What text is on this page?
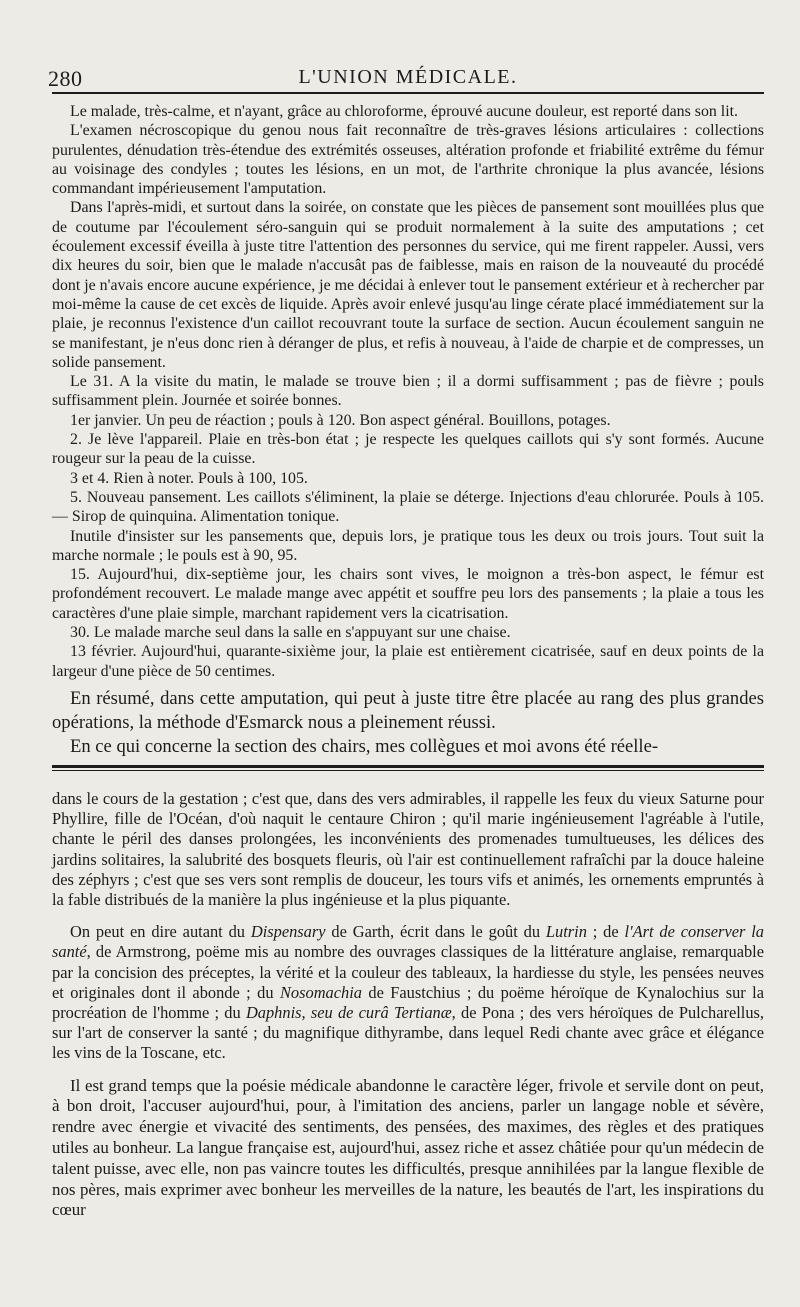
280	L'UNION MÉDICALE.

Le malade, très-calme, et n'ayant, grâce au chloroforme, éprouvé aucune douleur, est reporté dans son lit.

L'examen nécroscopique du genou nous fait reconnaître de très-graves lésions articulaires : collections purulentes, dénudation très-étendue des extrémités osseuses, altération profonde et friabilité extrême du fémur au voisinage des condyles ; toutes les lésions, en un mot, de l'arthrite chronique la plus avancée, lésions commandant impérieusement l'amputation.

Dans l'après-midi, et surtout dans la soirée, on constate que les pièces de pansement sont mouillées plus que de coutume par l'écoulement séro-sanguin qui se produit normalement à la suite des amputations ; cet écoulement excessif éveilla à juste titre l'attention des personnes du service, qui me firent rappeler. Aussi, vers dix heures du soir, bien que le malade n'accusât pas de faiblesse, mais en raison de la nouveauté du procédé dont je n'avais encore aucune expérience, je me décidai à enlever tout le pansement extérieur et à rechercher par moi-même la cause de cet excès de liquide. Après avoir enlevé jusqu'au linge cérate placé immédiatement sur la plaie, je reconnus l'existence d'un caillot recouvrant toute la surface de section. Aucun écoulement sanguin ne se manifestant, je n'eus donc rien à déranger de plus, et refis à nouveau, à l'aide de charpie et de compresses, un solide pansement.

Le 31. A la visite du matin, le malade se trouve bien ; il a dormi suffisamment ; pas de fièvre ; pouls suffisamment plein. Journée et soirée bonnes.

1er janvier. Un peu de réaction ; pouls à 120. Bon aspect général. Bouillons, potages.

2. Je lève l'appareil. Plaie en très-bon état ; je respecte les quelques caillots qui s'y sont formés. Aucune rougeur sur la peau de la cuisse.

3 et 4. Rien à noter. Pouls à 100, 105.

5. Nouveau pansement. Les caillots s'éliminent, la plaie se déterge. Injections d'eau chlorurée. Pouls à 105. — Sirop de quinquina. Alimentation tonique.

Inutile d'insister sur les pansements que, depuis lors, je pratique tous les deux ou trois jours. Tout suit la marche normale ; le pouls est à 90, 95.

15. Aujourd'hui, dix-septième jour, les chairs sont vives, le moignon a très-bon aspect, le fémur est profondément recouvert. Le malade mange avec appétit et souffre peu lors des pansements ; la plaie a tous les caractères d'une plaie simple, marchant rapidement vers la cicatrisation.

30. Le malade marche seul dans la salle en s'appuyant sur une chaise.

13 février. Aujourd'hui, quarante-sixième jour, la plaie est entièrement cicatrisée, sauf en deux points de la largeur d'une pièce de 50 centimes.

En résumé, dans cette amputation, qui peut à juste titre être placée au rang des plus grandes opérations, la méthode d'Esmarck nous a pleinement réussi.

En ce qui concerne la section des chairs, mes collègues et moi avons été réelle-

dans le cours de la gestation ; c'est que, dans des vers admirables, il rappelle les feux du vieux Saturne pour Phyllire, fille de l'Océan, d'où naquit le centaure Chiron ; qu'il marie ingénieusement l'agréable à l'utile, chante le péril des danses prolongées, les inconvénients des promenades tumultueuses, les délices des jardins solitaires, la salubrité des bosquets fleuris, où l'air est continuellement rafraîchi par la douce haleine des zéphyrs ; c'est que ses vers sont remplis de douceur, les tours vifs et animés, les ornements empruntés à la fable distribués de la manière la plus ingénieuse et la plus piquante.

On peut en dire autant du Dispensary de Garth, écrit dans le goût du Lutrin ; de l'Art de conserver la santé, de Armstrong, poëme mis au nombre des ouvrages classiques de la littérature anglaise, remarquable par la concision des préceptes, la vérité et la couleur des tableaux, la hardiesse du style, les pensées neuves et originales dont il abonde ; du Nosomachia de Faustchius ; du poëme héroïque de Kynalochius sur la procréation de l'homme ; du Daphnis, seu de curâ Tertianæ, de Pona ; des vers héroïques de Pulcharellus, sur l'art de conserver la santé ; du magnifique dithyrambe, dans lequel Redi chante avec grâce et élégance les vins de la Toscane, etc.

Il est grand temps que la poésie médicale abandonne le caractère léger, frivole et servile dont on peut, à bon droit, l'accuser aujourd'hui, pour, à l'imitation des anciens, parler un langage noble et sévère, rendre avec énergie et vivacité des sentiments, des pensées, des maximes, des règles et des pratiques utiles au bonheur. La langue française est, aujourd'hui, assez riche et assez châtiée pour qu'un médecin de talent puisse, avec elle, non pas vaincre toutes les difficultés, presque annihilées par la langue flexible de nos pères, mais exprimer avec bonheur les merveilles de la nature, les beautés de l'art, les inspirations du cœur
